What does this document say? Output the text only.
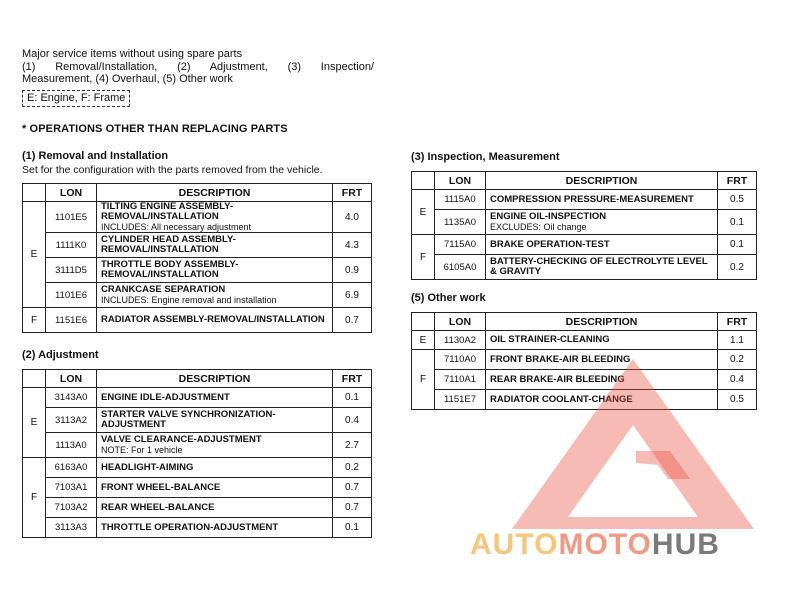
Major service items without using spare parts
(1) Removal/Installation, (2) Adjustment, (3) Inspection/
Measurement, (4) Overhaul, (5) Other work
E: Engine, F: Frame
* OPERATIONS OTHER THAN REPLACING PARTS
(1) Removal and Installation
Set for the configuration with the parts removed from the vehicle.
	LON	DESCRIPTION	FRT
E	1101E5	TILTING ENGINE ASSEMBLY-REMOVAL/INSTALLATION
INCLUDES: All necessary adjustment	4.0
	1111K0	CYLINDER HEAD ASSEMBLY-REMOVAL/INSTALLATION	4.3
	3111D5	THROTTLE BODY ASSEMBLY-REMOVAL/INSTALLATION	0.9
	1101E6	CRANKCASE SEPARATION
INCLUDES: Engine removal and installation	6.9
F	1151E6	RADIATOR ASSEMBLY-REMOVAL/INSTALLATION	0.7
(2) Adjustment
	LON	DESCRIPTION	FRT
E	3143A0	ENGINE IDLE-ADJUSTMENT	0.1
	3113A2	STARTER VALVE SYNCHRONIZATION-ADJUSTMENT	0.4
	1113A0	VALVE CLEARANCE-ADJUSTMENT
NOTE: For 1 vehicle	2.7
F	6163A0	HEADLIGHT-AIMING	0.2
	7103A1	FRONT WHEEL-BALANCE	0.7
	7103A2	REAR WHEEL-BALANCE	0.7
	3113A3	THROTTLE OPERATION-ADJUSTMENT	0.1
(3) Inspection, Measurement
	LON	DESCRIPTION	FRT
E	1115A0	COMPRESSION PRESSURE-MEASUREMENT	0.5
	1135A0	ENGINE OIL-INSPECTION
EXCLUDES: Oil change	0.1
F	7115A0	BRAKE OPERATION-TEST	0.1
	6105A0	BATTERY-CHECKING OF ELECTROLYTE LEVEL & GRAVITY	0.2
(5) Other work
	LON	DESCRIPTION	FRT
E	1130A2	OIL STRAINER-CLEANING	1.1
F	7110A0	FRONT BRAKE-AIR BLEEDING	0.2
	7110A1	REAR BRAKE-AIR BLEEDING	0.4
	1151E7	RADIATOR COOLANT-CHANGE	0.5
AUTOMOTOHUB
